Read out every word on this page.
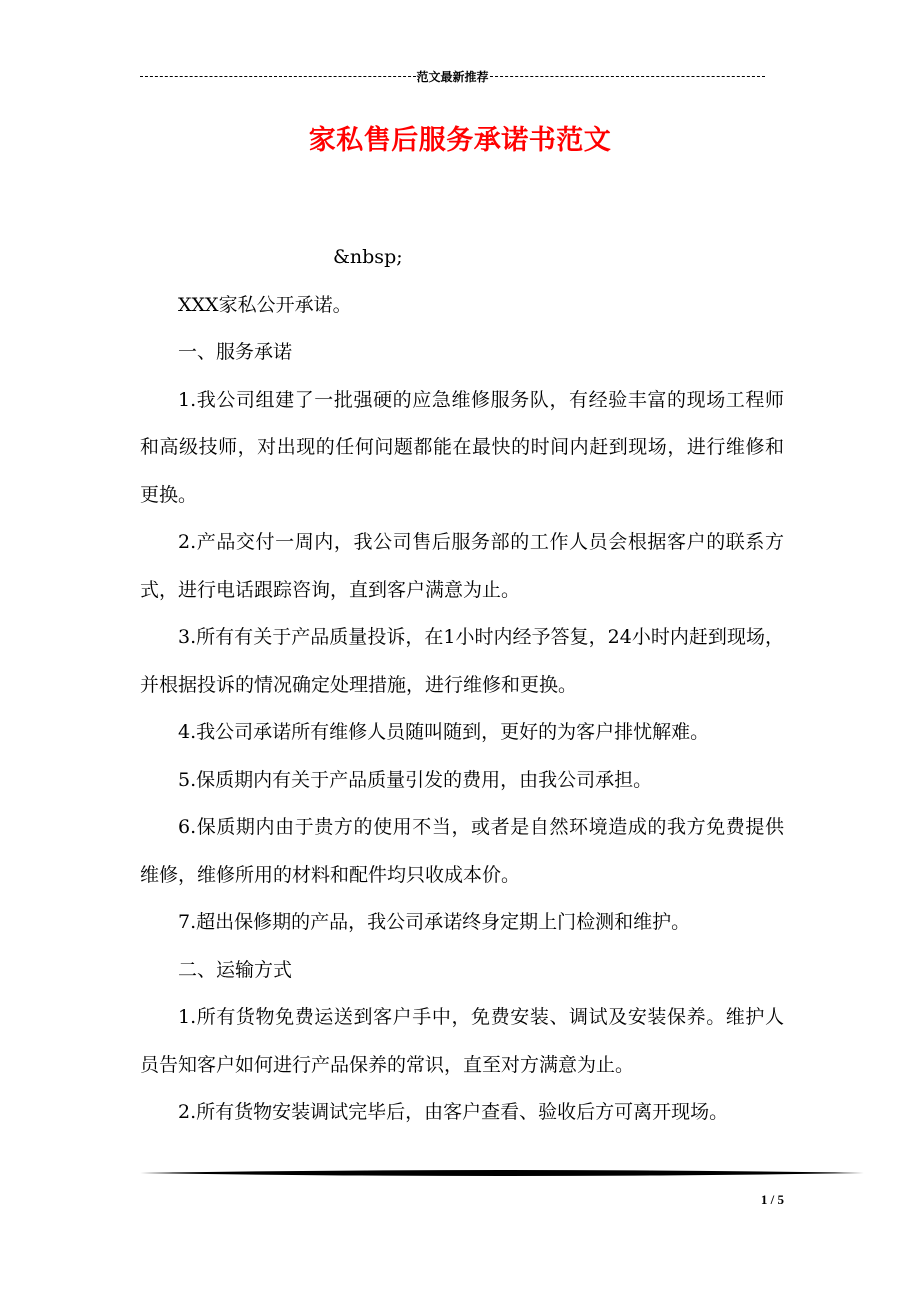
范文最新推荐
家私售后服务承诺书范文

&nbsp;

XXX家私公开承诺。

一、服务承诺

1.我公司组建了一批强硬的应急维修服务队，有经验丰富的现场工程师和高级技师，对出现的任何问题都能在最快的时间内赶到现场，进行维修和更换。

2.产品交付一周内，我公司售后服务部的工作人员会根据客户的联系方式，进行电话跟踪咨询，直到客户满意为止。

3.所有有关于产品质量投诉，在1小时内经予答复，24小时内赶到现场，并根据投诉的情况确定处理措施，进行维修和更换。

4.我公司承诺所有维修人员随叫随到，更好的为客户排忧解难。

5.保质期内有关于产品质量引发的费用，由我公司承担。

6.保质期内由于贵方的使用不当，或者是自然环境造成的我方免费提供维修，维修所用的材料和配件均只收成本价。

7.超出保修期的产品，我公司承诺终身定期上门检测和维护。

二、运输方式

1.所有货物免费运送到客户手中，免费安装、调试及安装保养。维护人员告知客户如何进行产品保养的常识，直至对方满意为止。

2.所有货物安装调试完毕后，由客户查看、验收后方可离开现场。

1 / 5
